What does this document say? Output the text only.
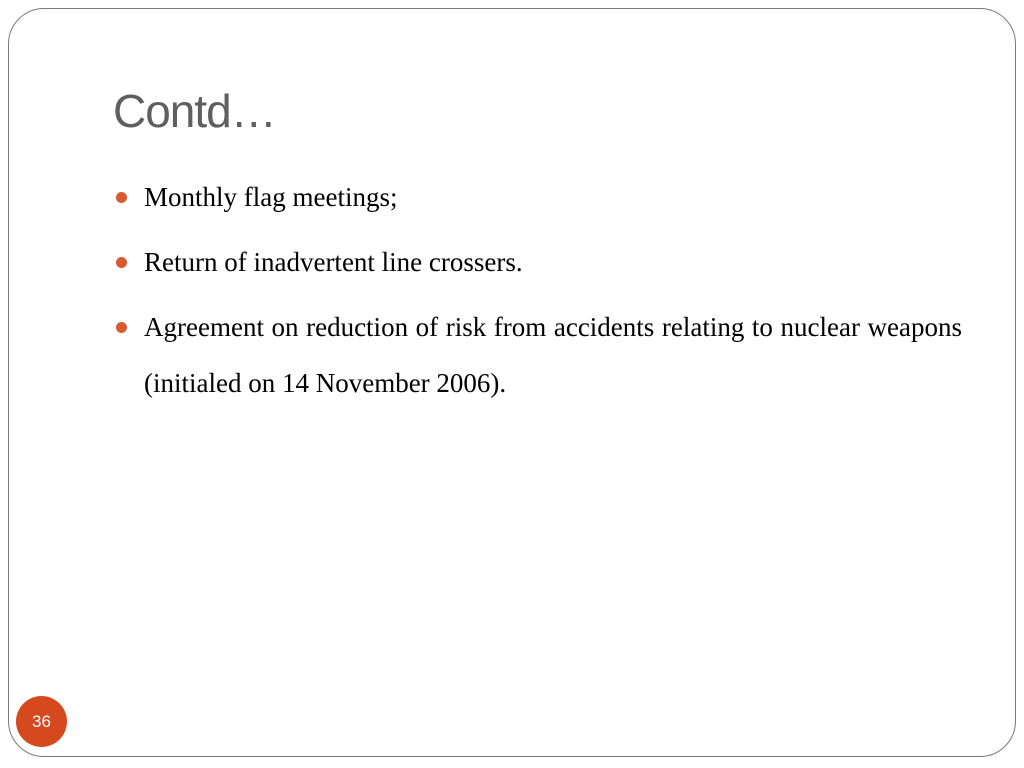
Contd…
Monthly flag meetings;
Return of inadvertent line crossers.
Agreement on reduction of risk from accidents relating to nuclear weapons (initialed on 14 November 2006).
36
